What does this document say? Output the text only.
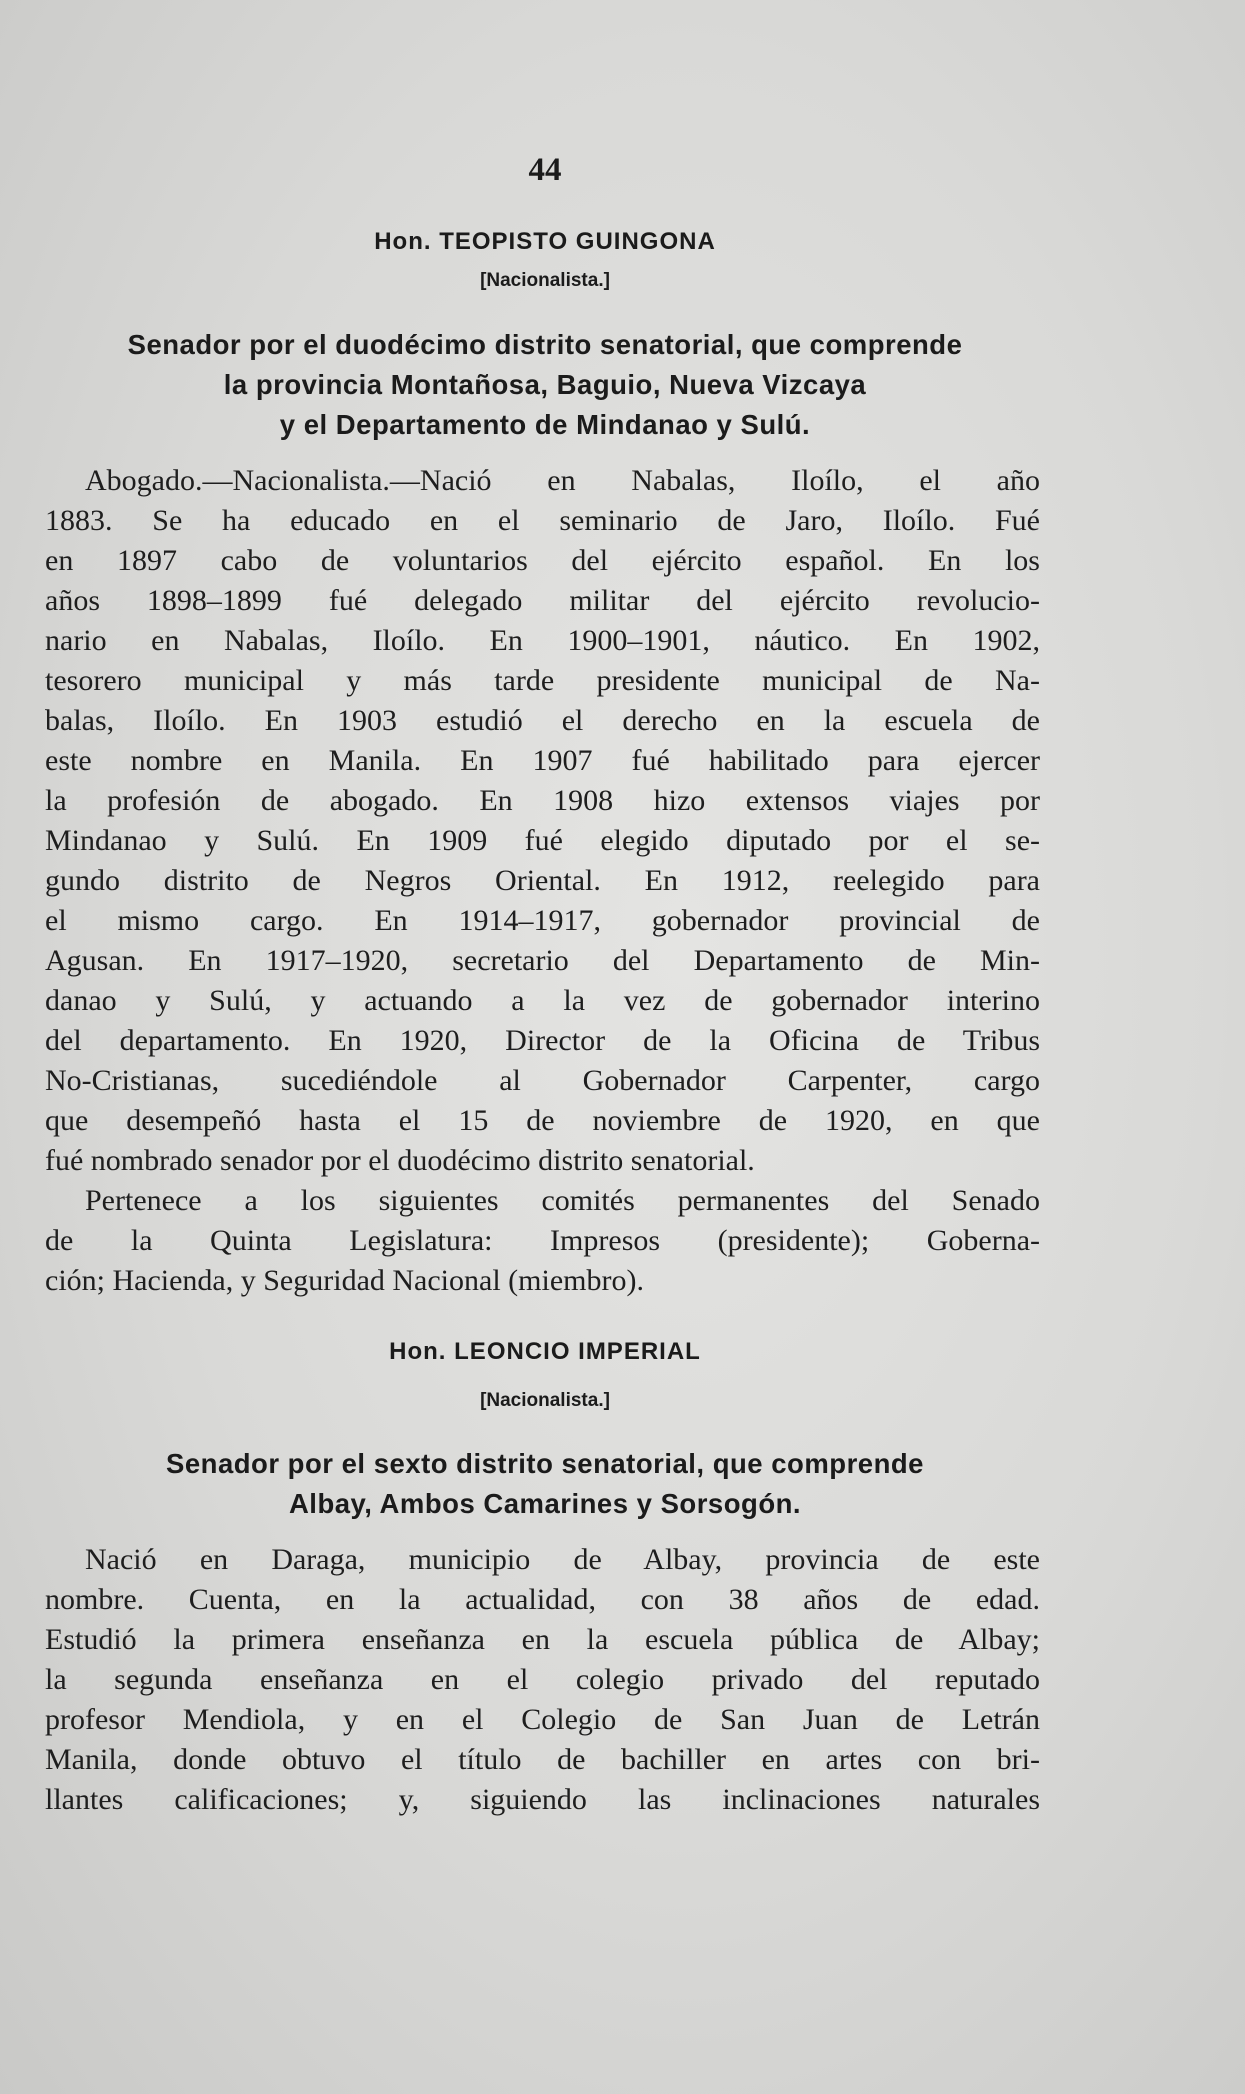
44
Hon. TEOPISTO GUINGONA
[Nacionalista.]
Senador por el duodécimo distrito senatorial, que comprende
la provincia Montañosa, Baguio, Nueva Vizcaya
y el Departamento de Mindanao y Sulú.
Abogado.—Nacionalista.—Nació en Nabalas, Iloílo, el año
1883. Se ha educado en el seminario de Jaro, Iloílo. Fué
en 1897 cabo de voluntarios del ejército español. En los
años 1898–1899 fué delegado militar del ejército revolucio-
nario en Nabalas, Iloílo. En 1900–1901, náutico. En 1902,
tesorero municipal y más tarde presidente municipal de Na-
balas, Iloílo. En 1903 estudió el derecho en la escuela de
este nombre en Manila. En 1907 fué habilitado para ejercer
la profesión de abogado. En 1908 hizo extensos viajes por
Mindanao y Sulú. En 1909 fué elegido diputado por el se-
gundo distrito de Negros Oriental. En 1912, reelegido para
el mismo cargo. En 1914–1917, gobernador provincial de
Agusan. En 1917–1920, secretario del Departamento de Min-
danao y Sulú, y actuando a la vez de gobernador interino
del departamento. En 1920, Director de la Oficina de Tribus
No-Cristianas, sucediéndole al Gobernador Carpenter, cargo
que desempeñó hasta el 15 de noviembre de 1920, en que
fué nombrado senador por el duodécimo distrito senatorial.
Pertenece a los siguientes comités permanentes del Senado
de la Quinta Legislatura: Impresos (presidente); Goberna-
ción; Hacienda, y Seguridad Nacional (miembro).
Hon. LEONCIO IMPERIAL
[Nacionalista.]
Senador por el sexto distrito senatorial, que comprende
Albay, Ambos Camarines y Sorsogón.
Nació en Daraga, municipio de Albay, provincia de este
nombre. Cuenta, en la actualidad, con 38 años de edad.
Estudió la primera enseñanza en la escuela pública de Albay;
la segunda enseñanza en el colegio privado del reputado
profesor Mendiola, y en el Colegio de San Juan de Letrán
Manila, donde obtuvo el título de bachiller en artes con bri-
llantes calificaciones; y, siguiendo las inclinaciones naturales
